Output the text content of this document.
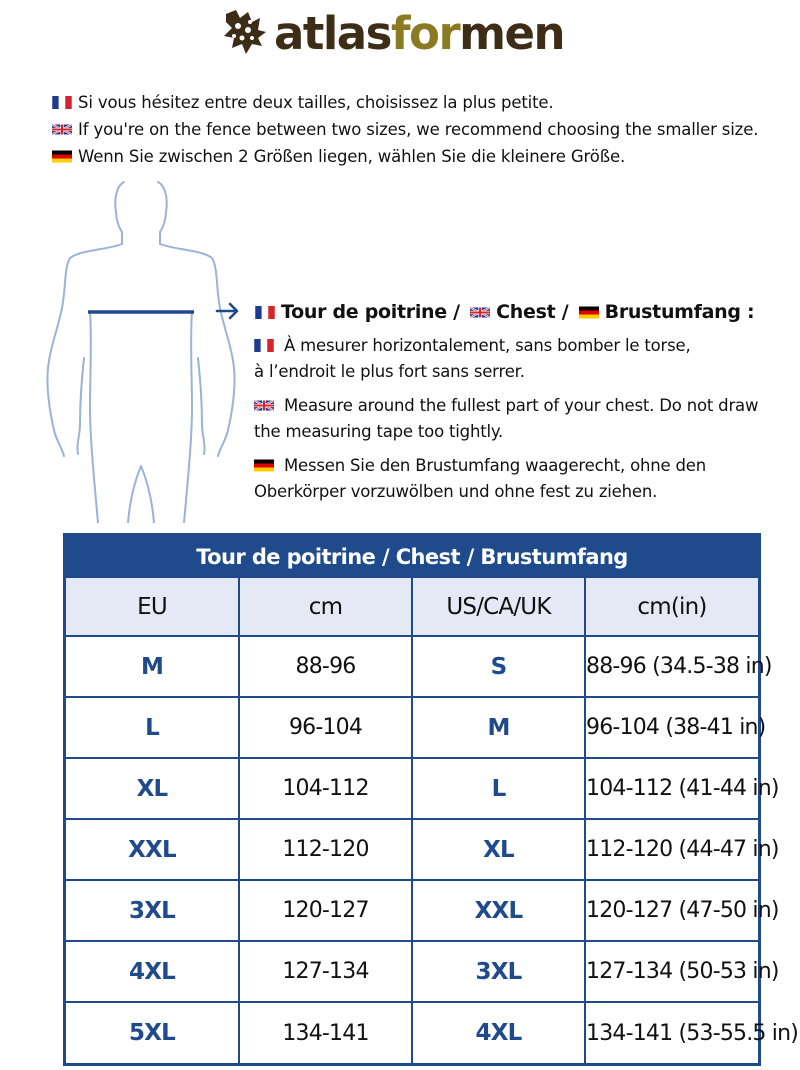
atlasformen
Si vous hésitez entre deux tailles, choisissez la plus petite.
If you're on the fence between two sizes, we recommend choosing the smaller size.
Wenn Sie zwischen 2 Größen liegen, wählen Sie die kleinere Größe.
Tour de poitrine / Chest / Brustumfang :
À mesurer horizontalement, sans bomber le torse,
à l’endroit le plus fort sans serrer.
Measure around the fullest part of your chest. Do not draw
the measuring tape too tightly.
Messen Sie den Brustumfang waagerecht, ohne den
Oberkörper vorzuwölben und ohne fest zu ziehen.
Tour de poitrine / Chest / Brustumfang
EU	cm	US/CA/UK	cm(in)
M	88-96	S	88-96 (34.5-38 in)
L	96-104	M	96-104 (38-41 in)
XL	104-112	L	104-112 (41-44 in)
XXL	112-120	XL	112-120 (44-47 in)
3XL	120-127	XXL	120-127 (47-50 in)
4XL	127-134	3XL	127-134 (50-53 in)
5XL	134-141	4XL	134-141 (53-55.5 in)
